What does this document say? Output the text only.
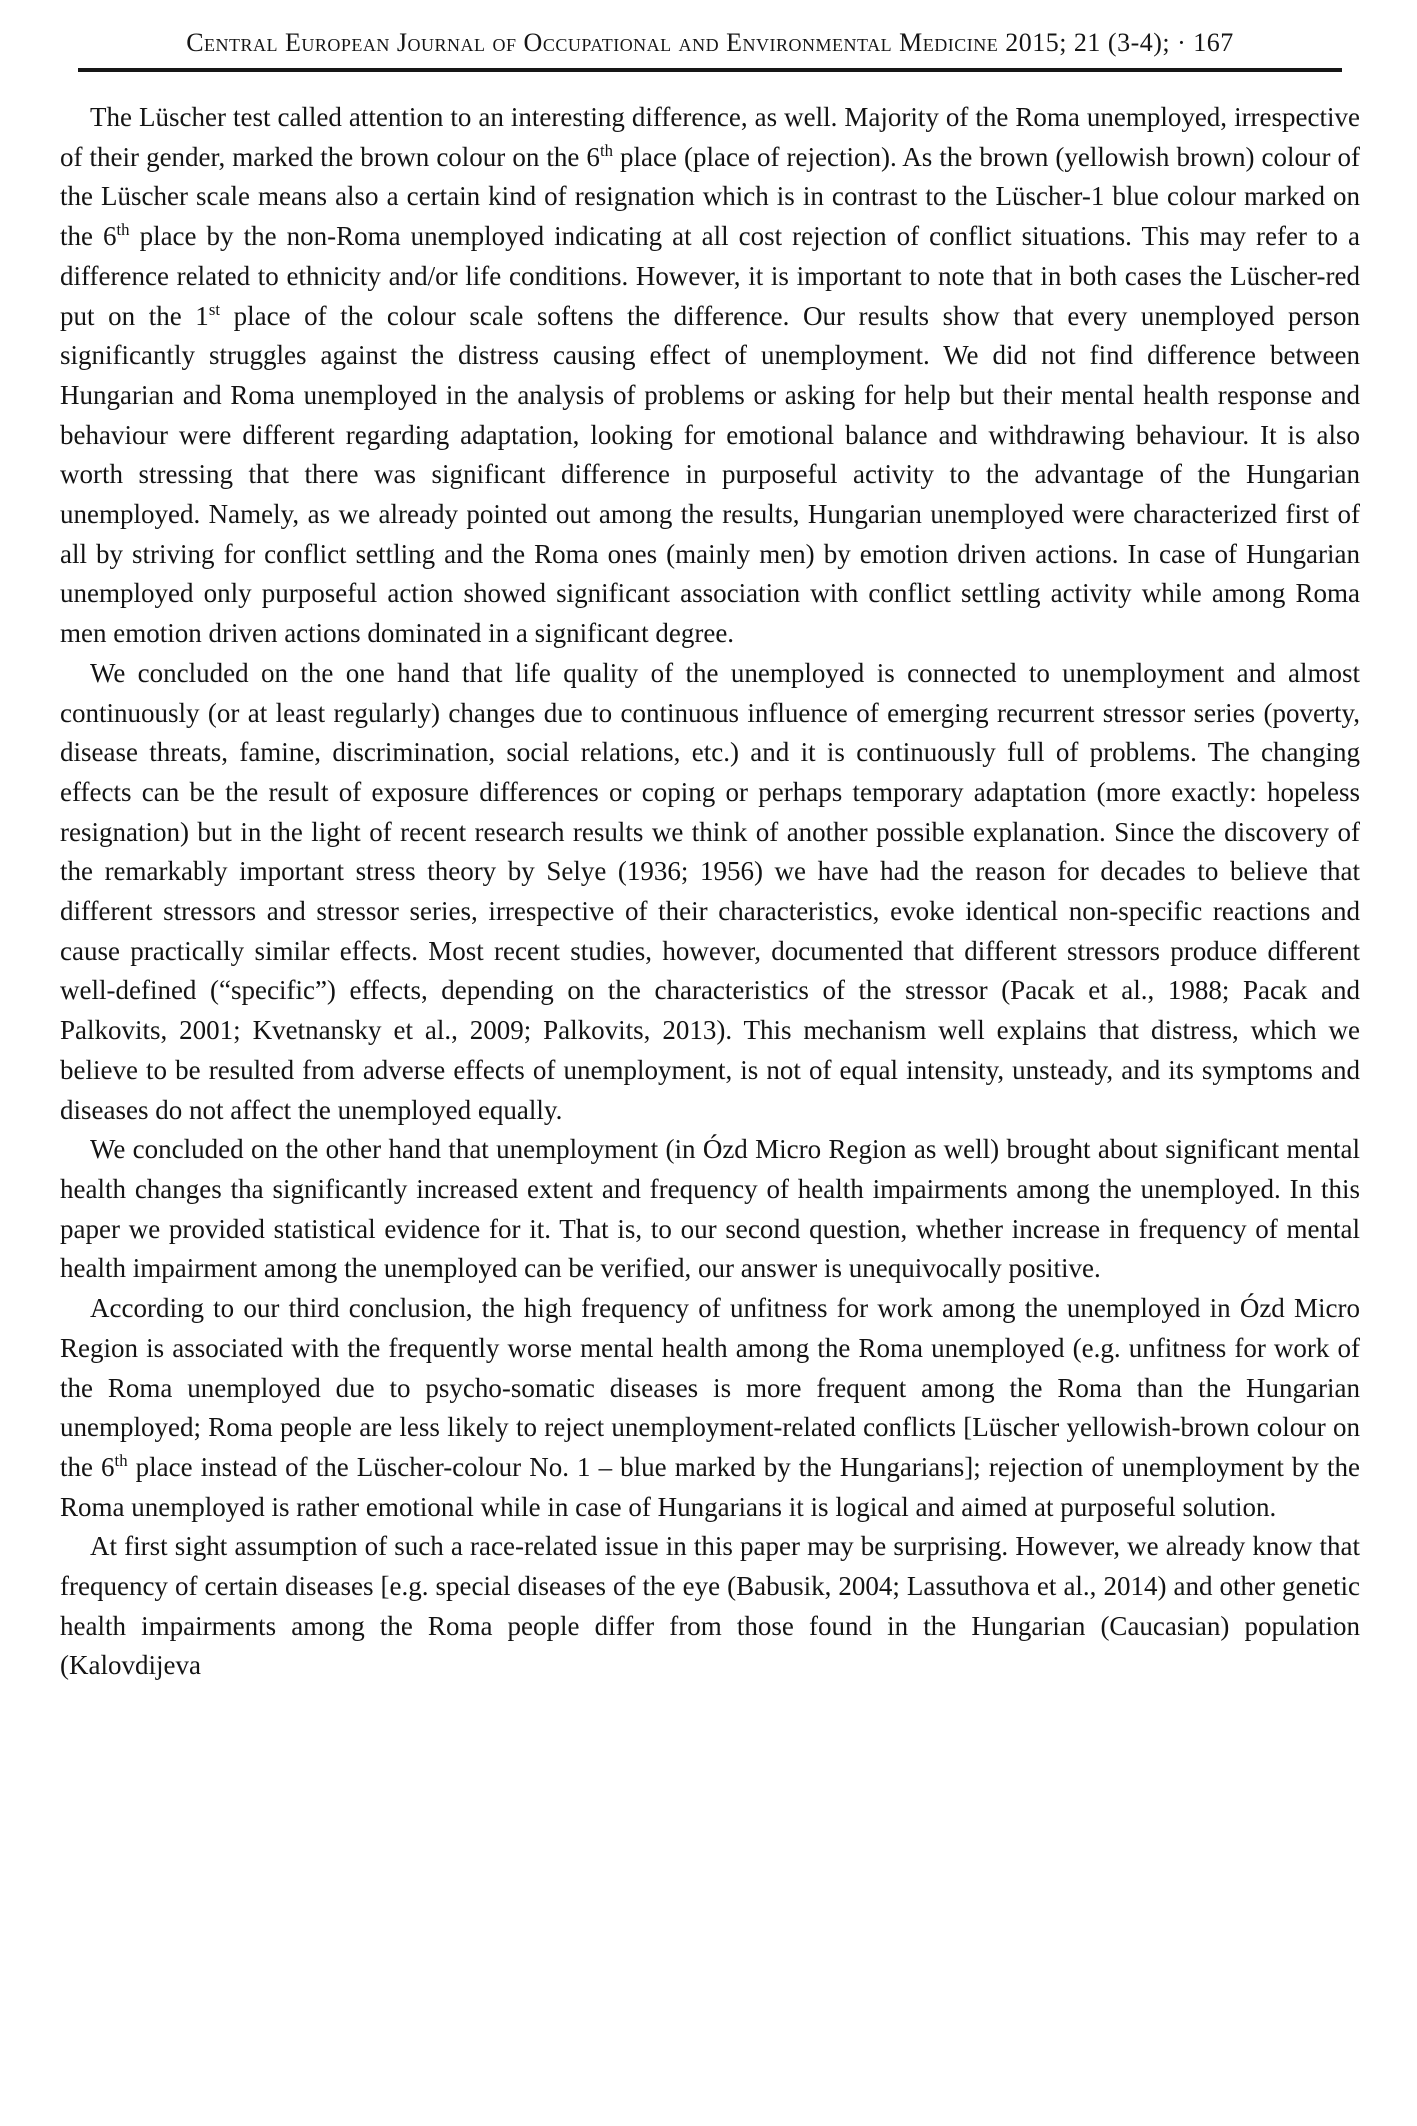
Central European Journal of Occupational and Environmental Medicine 2015; 21 (3-4); · 167

The Lüscher test called attention to an interesting difference, as well. Majority of the Roma unemployed, irrespective of their gender, marked the brown colour on the 6th place (place of rejection). As the brown (yellowish brown) colour of the Lüscher scale means also a certain kind of resignation which is in contrast to the Lüscher-1 blue colour marked on the 6th place by the non-Roma unemployed indicating at all cost rejection of conflict situations. This may refer to a difference related to ethnicity and/or life conditions. However, it is important to note that in both cases the Lüscher-red put on the 1st place of the colour scale softens the difference. Our results show that every unemployed person significantly struggles against the distress causing effect of unemployment. We did not find difference between Hungarian and Roma unemployed in the analysis of problems or asking for help but their mental health response and behaviour were different regarding adaptation, looking for emotional balance and withdrawing behaviour. It is also worth stressing that there was significant difference in purposeful activity to the advantage of the Hungarian unemployed. Namely, as we already pointed out among the results, Hungarian unemployed were characterized first of all by striving for conflict settling and the Roma ones (mainly men) by emotion driven actions. In case of Hungarian unemployed only purposeful action showed significant association with conflict settling activity while among Roma men emotion driven actions dominated in a significant degree.

We concluded on the one hand that life quality of the unemployed is connected to unemployment and almost continuously (or at least regularly) changes due to continuous influence of emerging recurrent stressor series (poverty, disease threats, famine, discrimination, social relations, etc.) and it is continuously full of problems. The changing effects can be the result of exposure differences or coping or perhaps temporary adaptation (more exactly: hopeless resignation) but in the light of recent research results we think of another possible explanation. Since the discovery of the remarkably important stress theory by Selye (1936; 1956) we have had the reason for decades to believe that different stressors and stressor series, irrespective of their characteristics, evoke identical non-specific reactions and cause practically similar effects. Most recent studies, however, documented that different stressors produce different well-defined (“specific”) effects, depending on the characteristics of the stressor (Pacak et al., 1988; Pacak and Palkovits, 2001; Kvetnansky et al., 2009; Palkovits, 2013). This mechanism well explains that distress, which we believe to be resulted from adverse effects of unemployment, is not of equal intensity, unsteady, and its symptoms and diseases do not affect the unemployed equally.

We concluded on the other hand that unemployment (in Ózd Micro Region as well) brought about significant mental health changes tha significantly increased extent and frequency of health impairments among the unemployed. In this paper we provided statistical evidence for it. That is, to our second question, whether increase in frequency of mental health impairment among the unemployed can be verified, our answer is unequivocally positive.

According to our third conclusion, the high frequency of unfitness for work among the unemployed in Ózd Micro Region is associated with the frequently worse mental health among the Roma unemployed (e.g. unfitness for work of the Roma unemployed due to psycho-somatic diseases is more frequent among the Roma than the Hungarian unemployed; Roma people are less likely to reject unemployment-related conflicts [Lüscher yellowish-brown colour on the 6th place instead of the Lüscher-colour No. 1 – blue marked by the Hungarians]; rejection of unemployment by the Roma unemployed is rather emotional while in case of Hungarians it is logical and aimed at purposeful solution.

At first sight assumption of such a race-related issue in this paper may be surprising. However, we already know that frequency of certain diseases [e.g. special diseases of the eye (Babusik, 2004; Lassuthova et al., 2014) and other genetic health impairments among the Roma people differ from those found in the Hungarian (Caucasian) population (Kalovdijeva
